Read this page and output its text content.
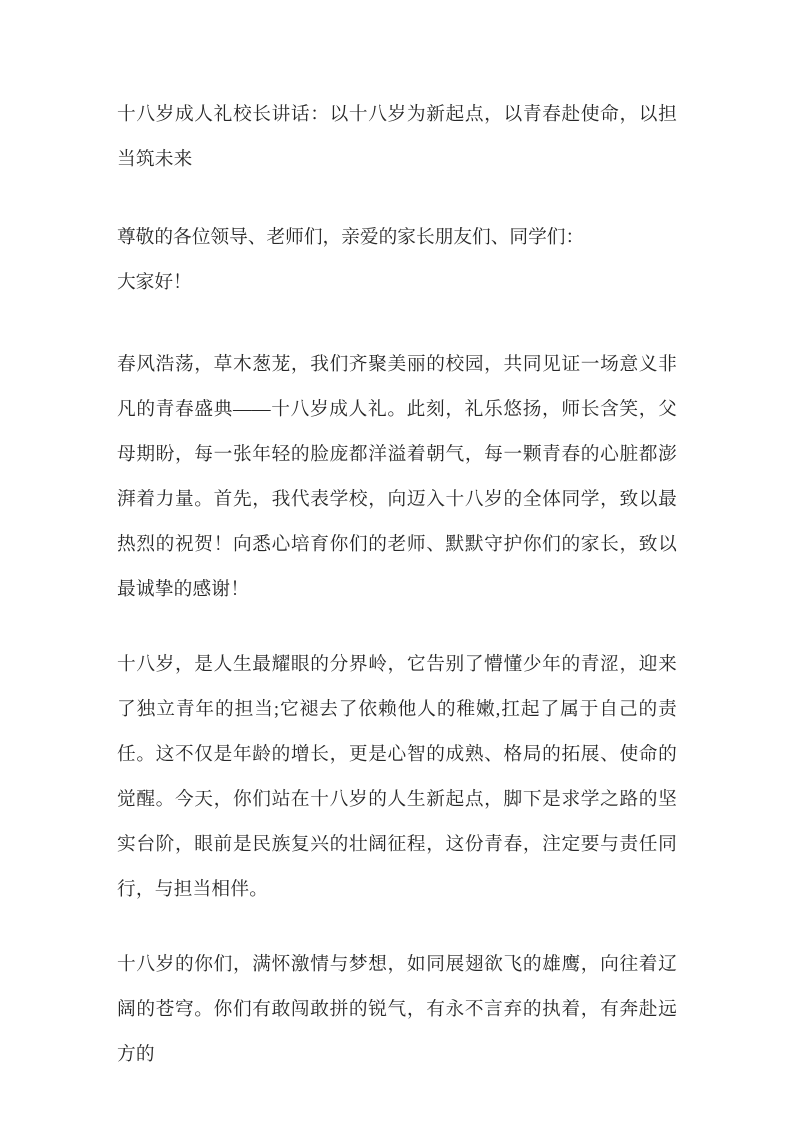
十八岁成人礼校长讲话：以十八岁为新起点，以青春赴使命，以担当筑未来

尊敬的各位领导、老师们，亲爱的家长朋友们、同学们：

大家好！

春风浩荡，草木葱茏，我们齐聚美丽的校园，共同见证一场意义非凡的青春盛典——十八岁成人礼。此刻，礼乐悠扬，师长含笑，父母期盼，每一张年轻的脸庞都洋溢着朝气，每一颗青春的心脏都澎湃着力量。首先，我代表学校，向迈入十八岁的全体同学，致以最热烈的祝贺！向悉心培育你们的老师、默默守护你们的家长，致以最诚挚的感谢！

十八岁，是人生最耀眼的分界岭，它告别了懵懂少年的青涩，迎来了独立青年的担当;它褪去了依赖他人的稚嫩,扛起了属于自己的责任。这不仅是年龄的增长，更是心智的成熟、格局的拓展、使命的觉醒。今天，你们站在十八岁的人生新起点，脚下是求学之路的坚实台阶，眼前是民族复兴的壮阔征程，这份青春，注定要与责任同行，与担当相伴。

十八岁的你们，满怀激情与梦想，如同展翅欲飞的雄鹰，向往着辽阔的苍穹。你们有敢闯敢拼的锐气，有永不言弃的执着，有奔赴远方的
